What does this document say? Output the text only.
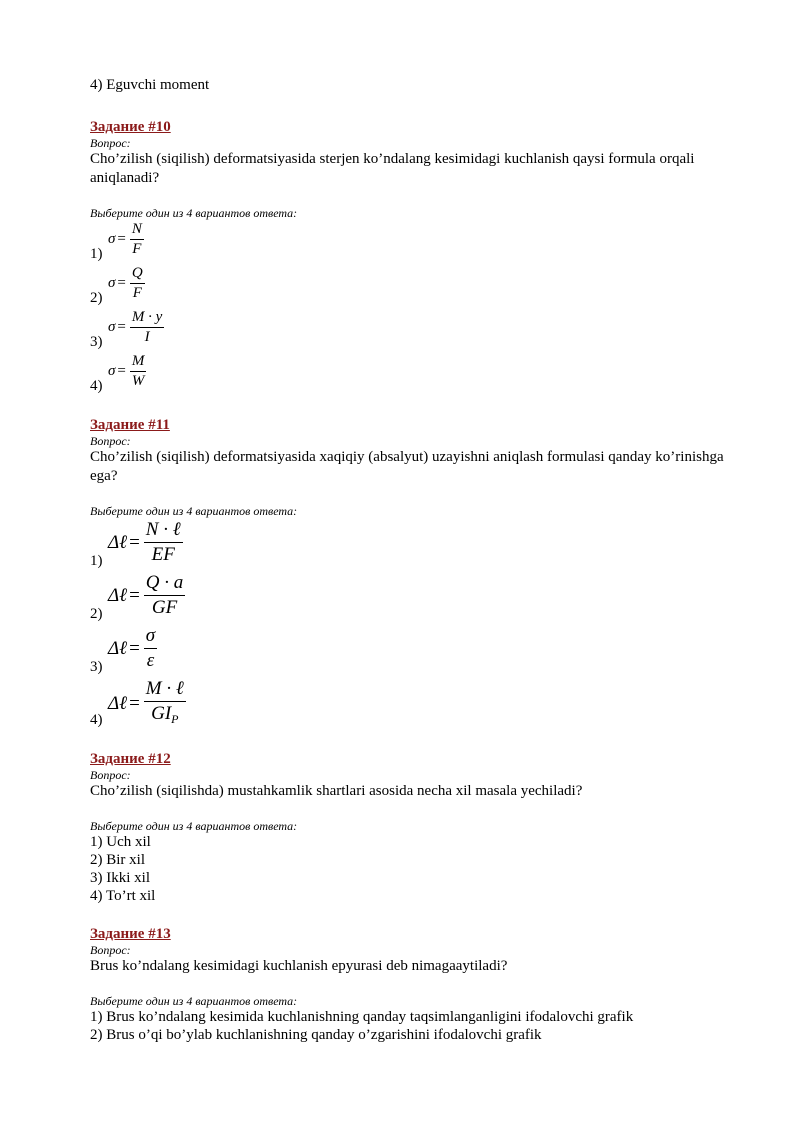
4) Eguvchi moment
Задание #10
Вопрос:
Cho’zilish (siqilish) deformatsiyasida sterjen ko’ndalang kesimidagi kuchlanish qaysi formula orqali aniqlanadi?
Выберите один из 4 вариантов ответа:
1)
$\sigma = \frac{N}{F}$
2)
$\sigma = \frac{Q}{F}$
3)
$\sigma = \frac{M \cdot y}{I}$
4)
$\sigma = \frac{M}{W}$
Задание #11
Вопрос:
Cho’zilish (siqilish) deformatsiyasida xaqiqiy (absalyut) uzayishni aniqlash formulasi qanday ko’rinishga ega?
Выберите один из 4 вариантов ответа:
1)
Δℓ = $\frac{\text{N · ℓ}}{EF}$
2)
Δℓ = $\frac{Q \cdot a}{GF}$
3)
Δℓ = $\frac{\sigma}{\varepsilon}$
4)
Δℓ = $\frac{\text{M · ℓ}}{GI_P}$
Задание #12
Вопрос:
Cho’zilish (siqilishda) mustahkamlik shartlari asosida necha xil masala yechiladi?
Выберите один из 4 вариантов ответа:
1) Uch xil
2) Bir xil
3) Ikki xil
4) To’rt xil
Задание #13
Вопрос:
Brus ko’ndalang kesimidagi kuchlanish epyurasi deb nimagaaytiladi?
Выберите один из 4 вариантов ответа:
1) Brus ko’ndalang kesimida kuchlanishning qanday taqsimlanganligini ifodalovchi grafik
2) Brus o’qi bo’ylab kuchlanishning qanday o’zgarishini ifodalovchi grafik
